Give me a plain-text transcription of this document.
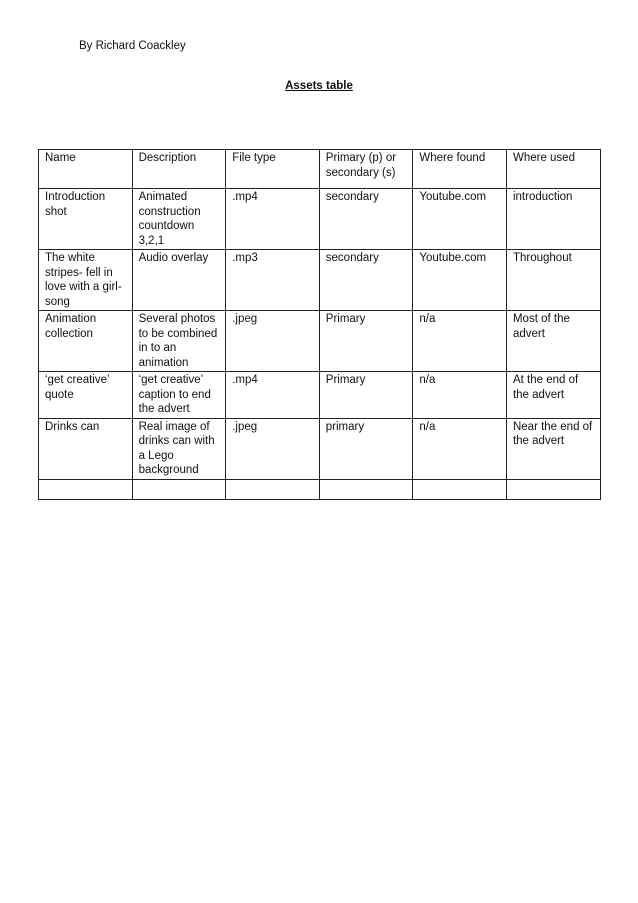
By Richard Coackley
Assets table
Name	Description	File type	Primary (p) or secondary (s)	Where found	Where used
Introduction shot	Animated construction countdown 3,2,1	.mp4	secondary	Youtube.com	introduction
The white stripes- fell in love with a girl- song	Audio overlay	.mp3	secondary	Youtube.com	Throughout
Animation collection	Several photos to be combined in to an animation	.jpeg	Primary	n/a	Most of the advert
‘get creative’ quote	‘get creative’ caption to end the advert	.mp4	Primary	n/a	At the end of the advert
Drinks can	Real image of drinks can with a Lego background	.jpeg	primary	n/a	Near the end of the advert
